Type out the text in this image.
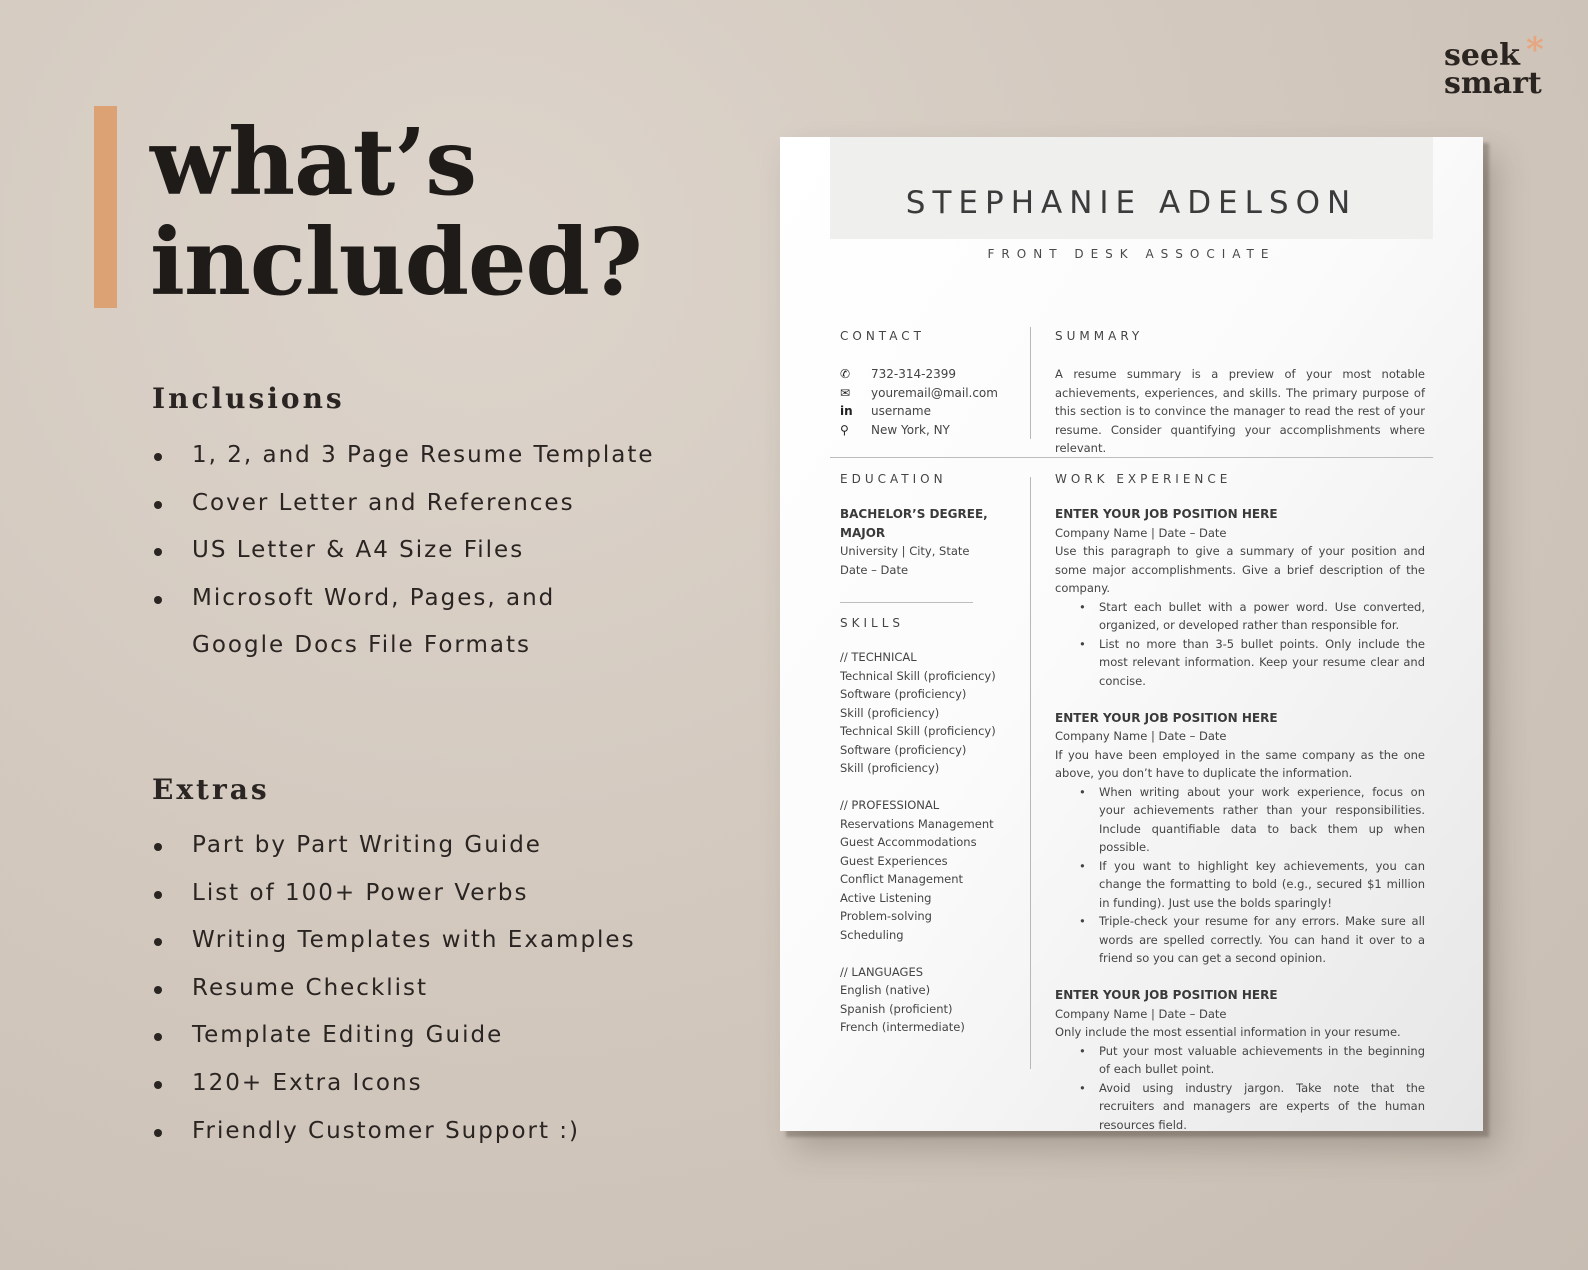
seek
smart
*
what’s
included?
Inclusions
1, 2, and 3 Page Resume Template
Cover Letter and References
US Letter & A4 Size Files
Microsoft Word, Pages, and
Google Docs File Formats
Extras
Part by Part Writing Guide
List of 100+ Power Verbs
Writing Templates with Examples
Resume Checklist
Template Editing Guide
120+ Extra Icons
Friendly Customer Support :)
STEPHANIE ADELSON
FRONT DESK ASSOCIATE
CONTACT	SUMMARY
✆	732-314-2399
✉	youremail@mail.com
in	username
⚲	New York, NY
A resume summary is a preview of your most notable achievements, experiences, and skills. The primary purpose of this section is to convince the manager to read the rest of your resume. Consider quantifying your accomplishments where relevant.
EDUCATION
BACHELOR’S DEGREE,
MAJOR
University | City, State
Date – Date
SKILLS
// TECHNICAL
Technical Skill (proficiency)
Software (proficiency)
Skill (proficiency)
Technical Skill (proficiency)
Software (proficiency)
Skill (proficiency)
// PROFESSIONAL
Reservations Management
Guest Accommodations
Guest Experiences
Conflict Management
Active Listening
Problem-solving
Scheduling
// LANGUAGES
English (native)
Spanish (proficient)
French (intermediate)
WORK EXPERIENCE
ENTER YOUR JOB POSITION HERE
Company Name | Date – Date
Use this paragraph to give a summary of your position and some major accomplishments. Give a brief description of the company.
• Start each bullet with a power word. Use converted, organized, or developed rather than responsible for.
• List no more than 3-5 bullet points. Only include the most relevant information. Keep your resume clear and concise.
ENTER YOUR JOB POSITION HERE
Company Name | Date – Date
If you have been employed in the same company as the one above, you don’t have to duplicate the information.
• When writing about your work experience, focus on your achievements rather than your responsibilities. Include quantifiable data to back them up when possible.
• If you want to highlight key achievements, you can change the formatting to bold (e.g., secured $1 million in funding). Just use the bolds sparingly!
• Triple-check your resume for any errors. Make sure all words are spelled correctly. You can hand it over to a friend so you can get a second opinion.
ENTER YOUR JOB POSITION HERE
Company Name | Date – Date
Only include the most essential information in your resume.
• Put your most valuable achievements in the beginning of each bullet point.
• Avoid using industry jargon. Take note that the recruiters and managers are experts of the human resources field.
